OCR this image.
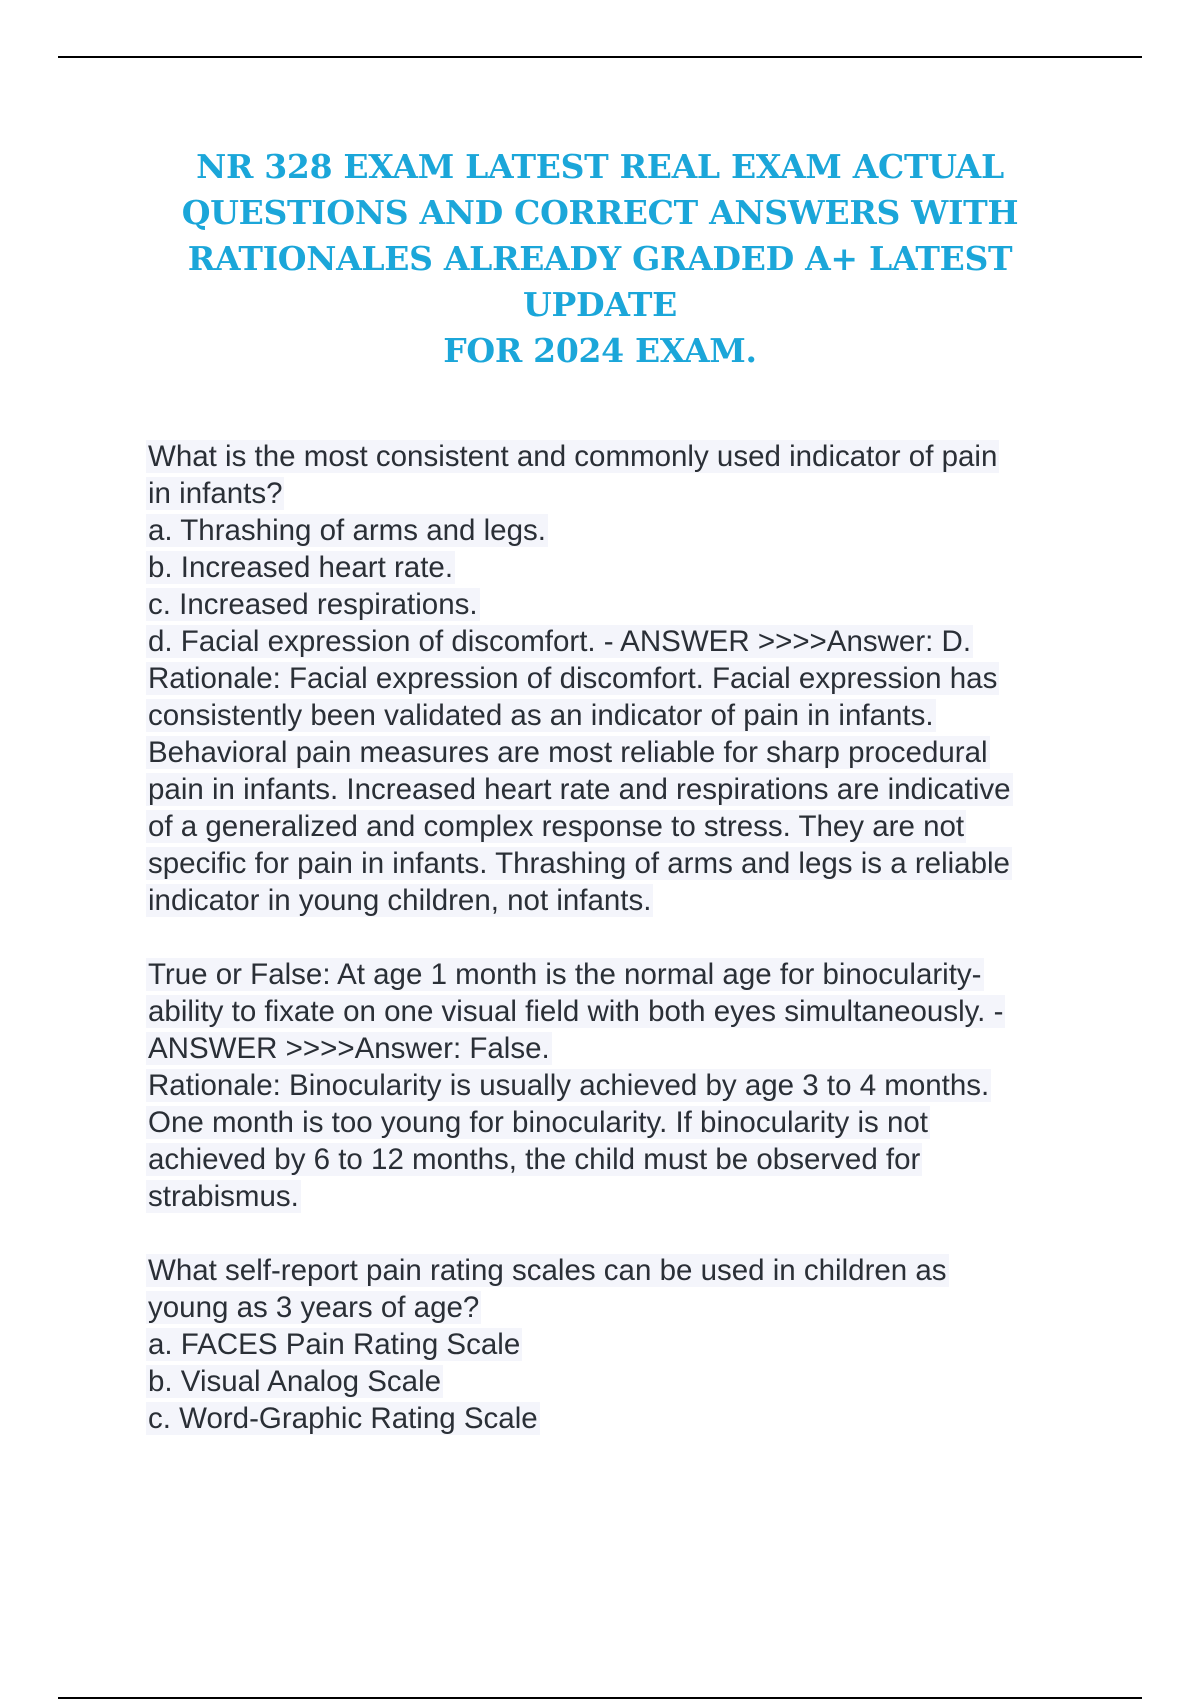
NR 328 EXAM LATEST REAL EXAM ACTUAL
QUESTIONS AND CORRECT ANSWERS WITH
RATIONALES ALREADY GRADED A+ LATEST UPDATE
FOR 2024 EXAM.
What is the most consistent and commonly used indicator of pain
in infants?
a. Thrashing of arms and legs.
b. Increased heart rate.
c. Increased respirations.
d. Facial expression of discomfort. - ANSWER >>>>Answer: D.
Rationale: Facial expression of discomfort. Facial expression has
consistently been validated as an indicator of pain in infants.
Behavioral pain measures are most reliable for sharp procedural
pain in infants. Increased heart rate and respirations are indicative
of a generalized and complex response to stress. They are not
specific for pain in infants. Thrashing of arms and legs is a reliable
indicator in young children, not infants.
True or False: At age 1 month is the normal age for binocularity-
ability to fixate on one visual field with both eyes simultaneously. -
ANSWER >>>>Answer: False.
Rationale: Binocularity is usually achieved by age 3 to 4 months.
One month is too young for binocularity. If binocularity is not
achieved by 6 to 12 months, the child must be observed for
strabismus.
What self-report pain rating scales can be used in children as
young as 3 years of age?
a. FACES Pain Rating Scale
b. Visual Analog Scale
c. Word-Graphic Rating Scale
